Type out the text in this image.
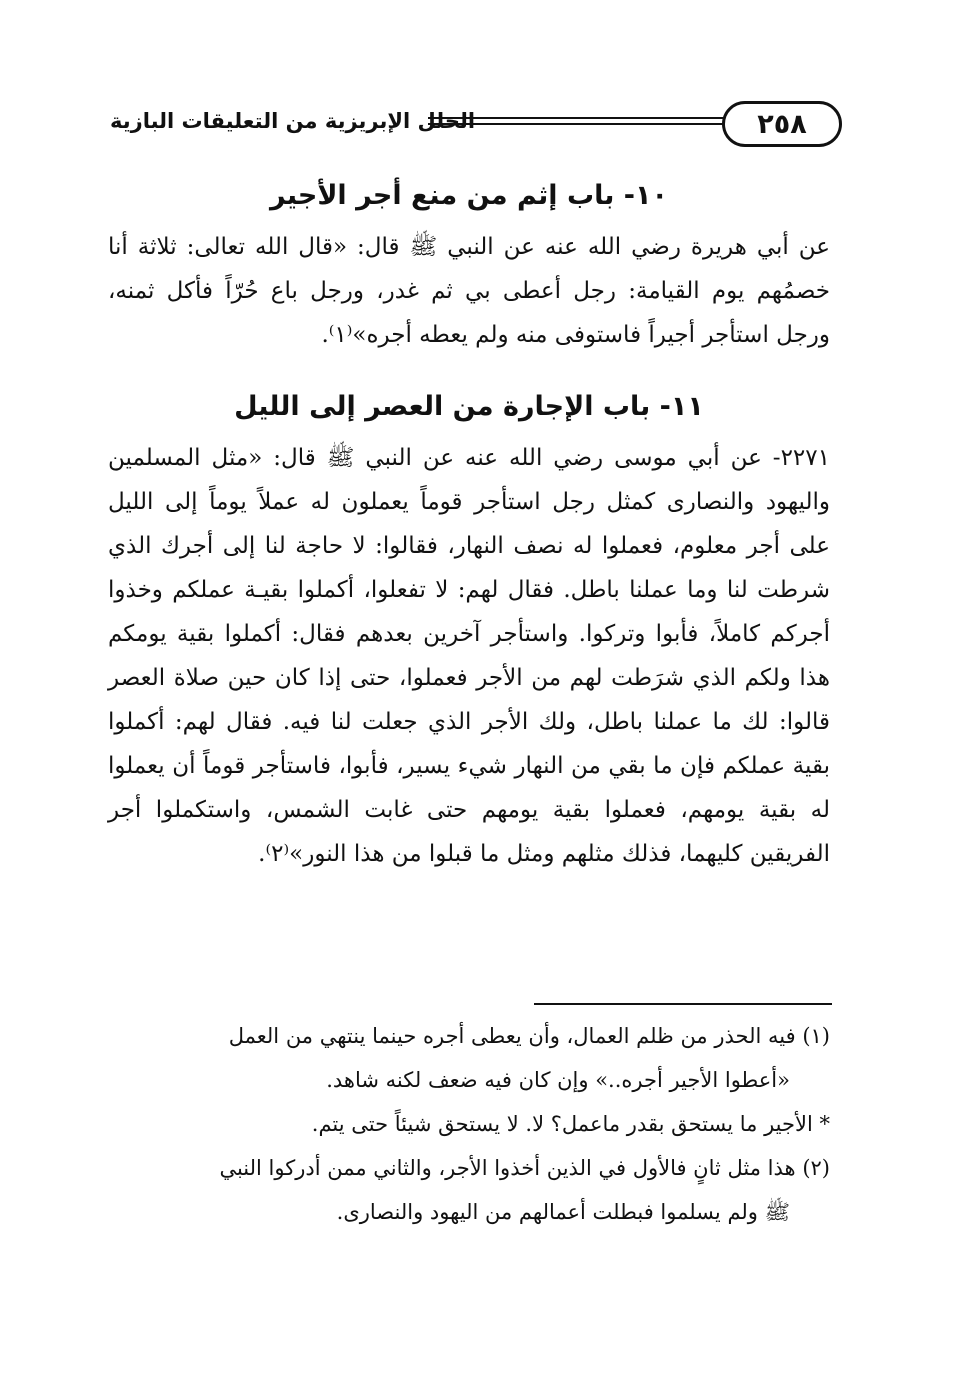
٢٥٨
الحلل الإبريزية من التعليقات البازية
١٠- باب إثم من منع أجر الأجير

عن أبي هريرة رضي الله عنه عن النبي ﷺ قال: «قال الله تعالى: ثلاثة أنا خصمُهم يوم القيامة: رجل أعطى بي ثم غدر، ورجل باع حُرّاً فأكل ثمنه، ورجل استأجر أجيراً فاستوفى منه ولم يعطه أجره»⁽١⁾.

١١- باب الإجارة من العصر إلى الليل

٢٢٧١- عن أبي موسى رضي الله عنه عن النبي ﷺ قال: «مثل المسلمين واليهود والنصارى كمثل رجل استأجر قوماً يعملون له عملاً يوماً إلى الليل على أجر معلوم، فعملوا له نصف النهار، فقالوا: لا حاجة لنا إلى أجرك الذي شرطت لنا وما عملنا باطل. فقال لهم: لا تفعلوا، أكملوا بقيـة عملكم وخذوا أجركم كاملاً، فأبوا وتركوا. واستأجر آخرين بعدهم فقال: أكملوا بقية يومكم هذا ولكم الذي شرَطت لهم من الأجر فعملوا، حتى إذا كان حين صلاة العصر قالوا: لك ما عملنا باطل، ولك الأجر الذي جعلت لنا فيه. فقال لهم: أكملوا بقية عملكم فإن ما بقي من النهار شيء يسير، فأبوا، فاستأجر قوماً أن يعملوا له بقية يومهم، فعملوا بقية يومهم حتى غابت الشمس، واستكملوا أجر الفريقين كليهما، فذلك مثلهم ومثل ما قبلوا من هذا النور»⁽٢⁾.

(١) فيه الحذر من ظلم العمال، وأن يعطى أجره حينما ينتهي من العمل
«أعطوا الأجير أجره..» وإن كان فيه ضعف لكنه شاهد.

* الأجير ما يستحق بقدر ماعمل؟ لا. لا يستحق شيئاً حتى يتم.

(٢) هذا مثل ثانٍ فالأول في الذين أخذوا الأجر، والثاني ممن أدركوا النبي
ﷺ ولم يسلموا فبطلت أعمالهم من اليهود والنصارى.
